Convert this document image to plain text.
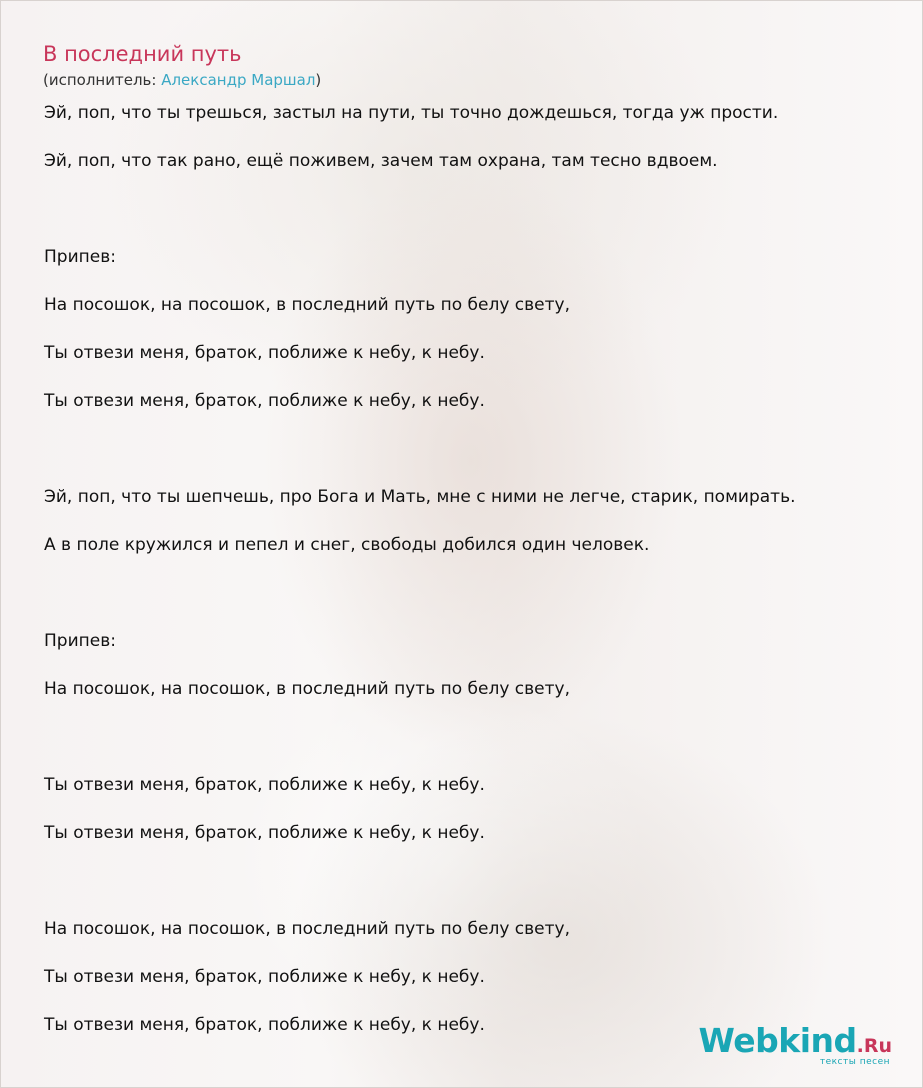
В последний путь
(исполнитель: Александр Маршал)

Эй, поп, что ты трешься, застыл на пути, ты точно дождешься, тогда уж прости.

Эй, поп, что так рано, ещё поживем, зачем там охрана, там тесно вдвоем.

Припев:

На посошок, на посошок, в последний путь по белу свету,

Ты отвези меня, браток, поближе к небу, к небу.

Ты отвези меня, браток, поближе к небу, к небу.

Эй, поп, что ты шепчешь, про Бога и Мать, мне с ними не легче, старик, помирать.

А в поле кружился и пепел и снег, свободы добился один человек.

Припев:

На посошок, на посошок, в последний путь по белу свету,

Ты отвези меня, браток, поближе к небу, к небу.

Ты отвези меня, браток, поближе к небу, к небу.

На посошок, на посошок, в последний путь по белу свету,

Ты отвези меня, браток, поближе к небу, к небу.

Ты отвези меня, браток, поближе к небу, к небу.	Webkind.Ru
тексты песен
